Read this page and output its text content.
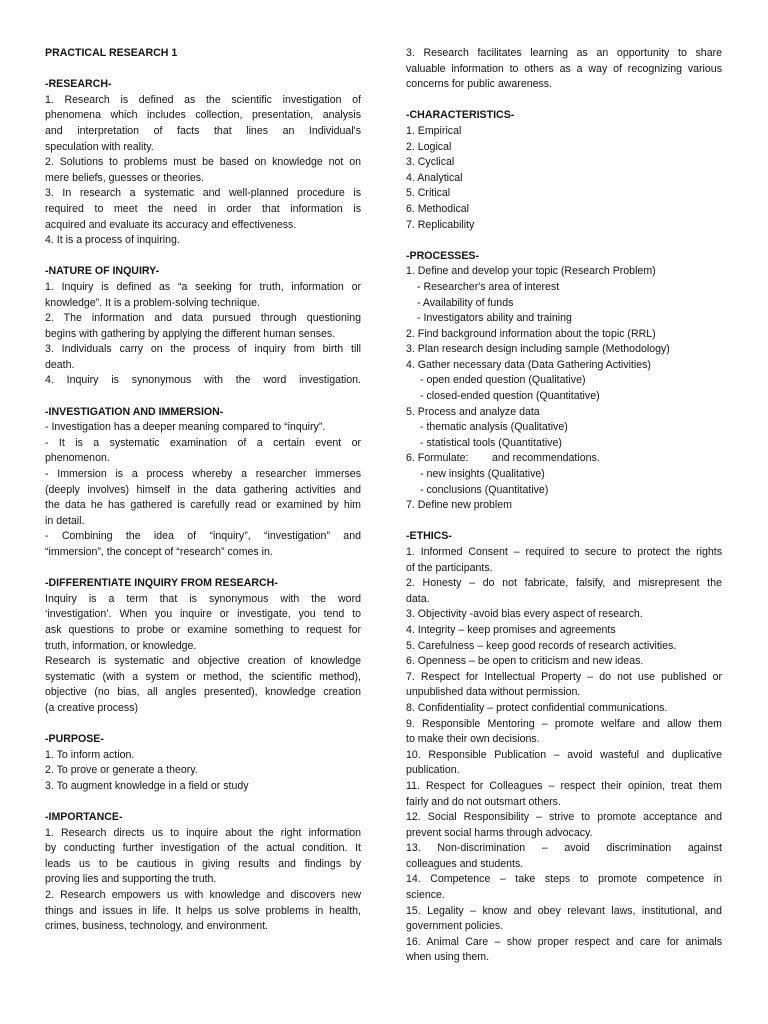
PRACTICAL RESEARCH 1
-RESEARCH-
1. Research is defined as the scientific investigation of
phenomena which includes collection, presentation, analysis
and interpretation of facts that lines an Individual's
speculation with reality.
2. Solutions to problems must be based on knowledge not on
mere beliefs, guesses or theories.
3. In research a systematic and well-planned procedure is
required to meet the need in order that information is
acquired and evaluate its accuracy and effectiveness.
4. It is a process of inquiring.
-NATURE OF INQUIRY-
1. Inquiry is defined as “a seeking for truth, information or
knowledge”. It is a problem-solving technique.
2. The information and data pursued through questioning
begins with gathering by applying the different human senses.
3. Individuals carry on the process of inquiry from birth till
death.
4. Inquiry is synonymous with the word investigation.
-INVESTIGATION AND IMMERSION-
- Investigation has a deeper meaning compared to “inquiry”.
- It is a systematic examination of a certain event or
phenomenon.
- Immersion is a process whereby a researcher immerses
(deeply involves) himself in the data gathering activities and
the data he has gathered is carefully read or examined by him
in detail.
- Combining the idea of “inquiry”, “investigation” and
“immersion”, the concept of “research” comes in.
-DIFFERENTIATE INQUIRY FROM RESEARCH-
Inquiry is a term that is synonymous with the word
‘investigation’. When you inquire or investigate, you tend to
ask questions to probe or examine something to request for
truth, information, or knowledge.
Research is systematic and objective creation of knowledge
systematic (with a system or method, the scientific method),
objective (no bias, all angles presented), knowledge creation
(a creative process)
-PURPOSE-
1. To inform action.
2. To prove or generate a theory.
3. To augment knowledge in a field or study
-IMPORTANCE-
1. Research directs us to inquire about the right information
by conducting further investigation of the actual condition. It
leads us to be cautious in giving results and findings by
proving lies and supporting the truth.
2. Research empowers us with knowledge and discovers new
things and issues in life. It helps us solve problems in health,
crimes, business, technology, and environment.
3. Research facilitates learning as an opportunity to share
valuable information to others as a way of recognizing various
concerns for public awareness.
-CHARACTERISTICS-
1. Empirical
2. Logical
3. Cyclical
4. Analytical
5. Critical
6. Methodical
7. Replicability
-PROCESSES-
1. Define and develop your topic (Research Problem)
- Researcher's area of interest
- Availability of funds
- Investigators ability and training
2. Find background information about the topic (RRL)
3. Plan research design including sample (Methodology)
4. Gather necessary data (Data Gathering Activities)
- open ended question (Qualitative)
- closed-ended question (Quantitative)
5. Process and analyze data
- thematic analysis (Qualitative)
- statistical tools (Quantitative)
6. Formulate:        and recommendations.
- new insights (Qualitative)
- conclusions (Quantitative)
7. Define new problem
-ETHICS-
1. Informed Consent – required to secure to protect the rights
of the participants.
2. Honesty – do not fabricate, falsify, and misrepresent the
data.
3. Objectivity -avoid bias every aspect of research.
4. Integrity – keep promises and agreements
5. Carefulness – keep good records of research activities.
6. Openness – be open to criticism and new ideas.
7. Respect for Intellectual Property – do not use published or
unpublished data without permission.
8. Confidentiality – protect confidential communications.
9. Responsible Mentoring – promote welfare and allow them
to make their own decisions.
10. Responsible Publication – avoid wasteful and duplicative
publication.
11. Respect for Colleagues – respect their opinion, treat them
fairly and do not outsmart others.
12. Social Responsibility – strive to promote acceptance and
prevent social harms through advocacy.
13. Non-discrimination – avoid discrimination against
colleagues and students.
14. Competence – take steps to promote competence in
science.
15. Legality – know and obey relevant laws, institutional, and
government policies.
16. Animal Care – show proper respect and care for animals
when using them.
